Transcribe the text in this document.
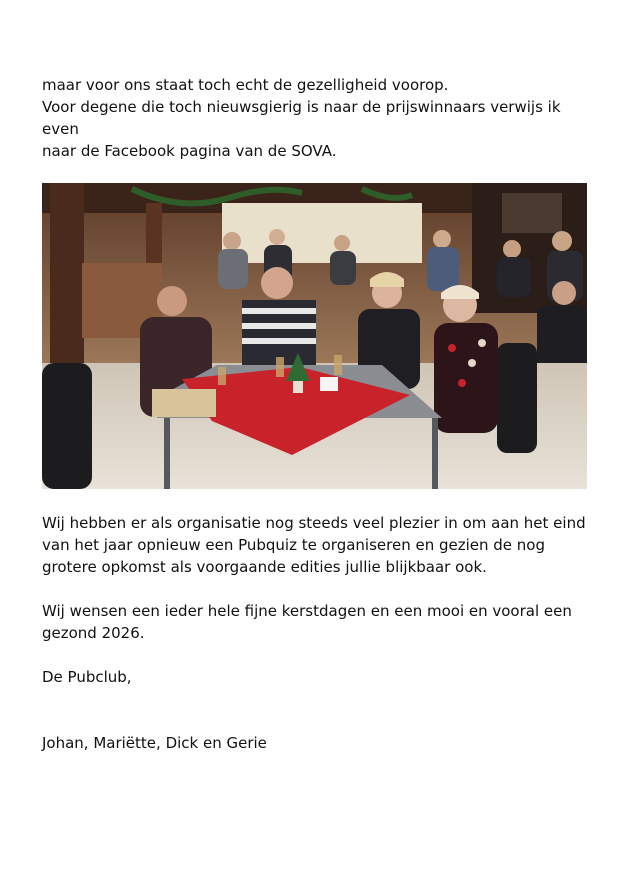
maar voor ons staat toch echt de gezelligheid voorop.
Voor degene die toch nieuwsgierig is naar de prijswinnaars verwijs ik even
naar de Facebook pagina van de SOVA.

Wij hebben er als organisatie nog steeds veel plezier in om aan het eind
van het jaar opnieuw een Pubquiz te organiseren en gezien de nog
grotere opkomst als voorgaande edities jullie blijkbaar ook.

Wij wensen een ieder hele fijne kerstdagen en een mooi en vooral een
gezond 2026.

De Pubclub,

Johan, Mariëtte, Dick en Gerie
